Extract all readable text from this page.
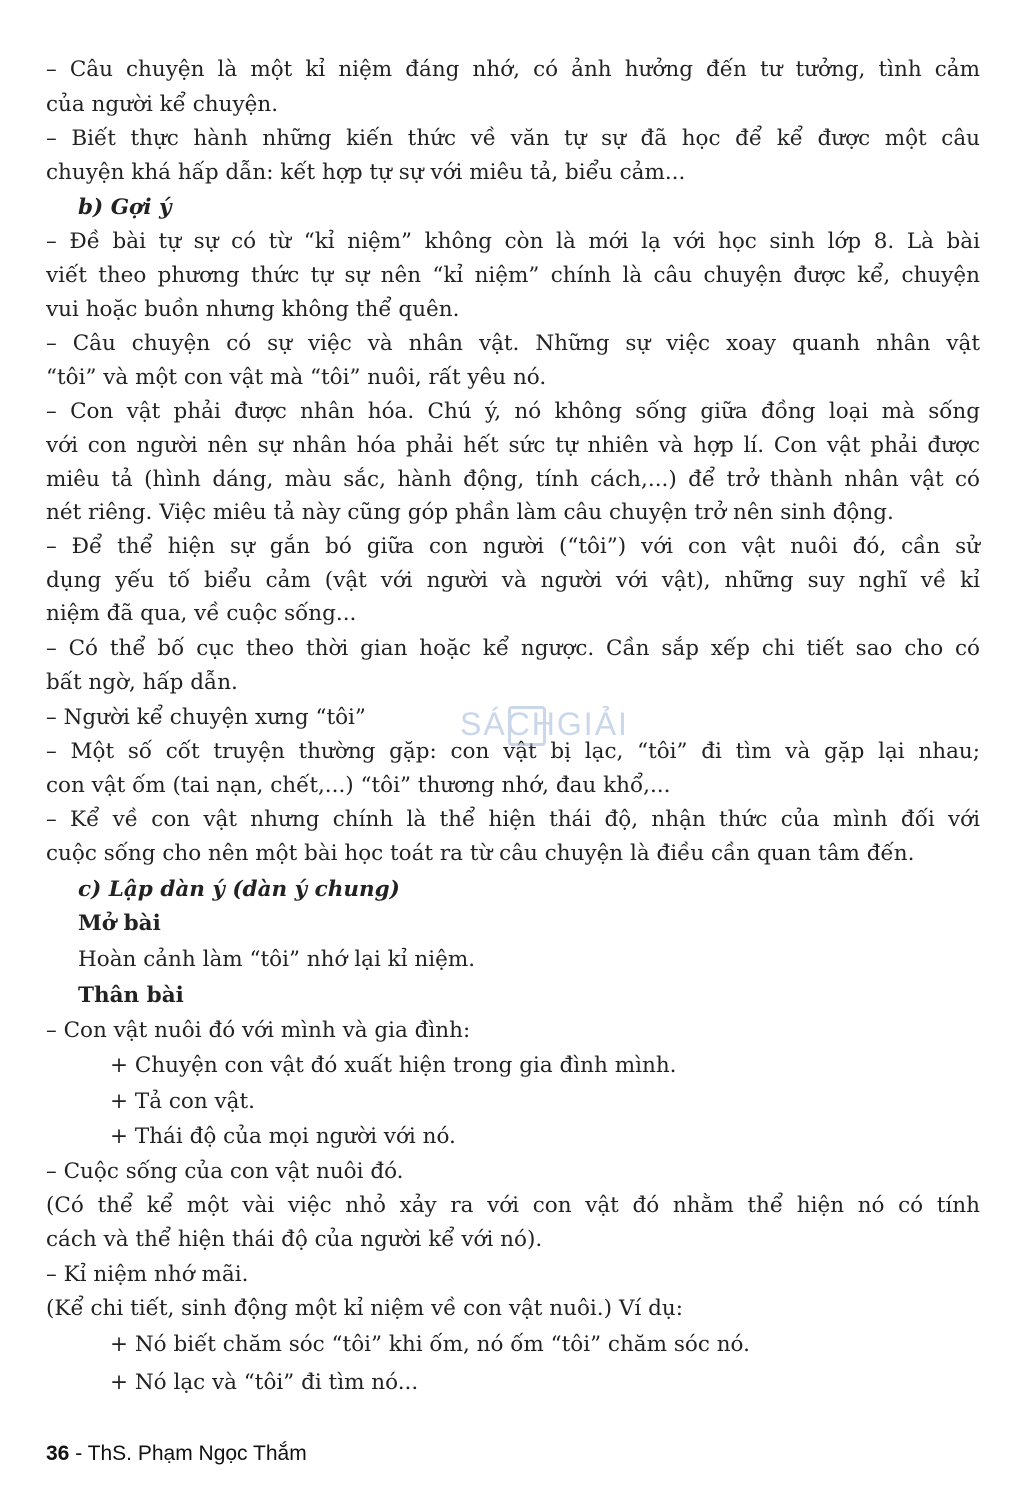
– Câu chuyện là một kỉ niệm đáng nhớ, có ảnh hưởng đến tư tưởng, tình cảm
của người kể chuyện.
– Biết thực hành những kiến thức về văn tự sự đã học để kể được một câu
chuyện khá hấp dẫn: kết hợp tự sự với miêu tả, biểu cảm...
b) Gợi ý
– Đề bài tự sự có từ “kỉ niệm” không còn là mới lạ với học sinh lớp 8. Là bài
viết theo phương thức tự sự nên “kỉ niệm” chính là câu chuyện được kể, chuyện
vui hoặc buồn nhưng không thể quên.
– Câu chuyện có sự việc và nhân vật. Những sự việc xoay quanh nhân vật
“tôi” và một con vật mà “tôi” nuôi, rất yêu nó.
– Con vật phải được nhân hóa. Chú ý, nó không sống giữa đồng loại mà sống
với con người nên sự nhân hóa phải hết sức tự nhiên và hợp lí. Con vật phải được
miêu tả (hình dáng, màu sắc, hành động, tính cách,...) để trở thành nhân vật có
nét riêng. Việc miêu tả này cũng góp phần làm câu chuyện trở nên sinh động.
– Để thể hiện sự gắn bó giữa con người (“tôi”) với con vật nuôi đó, cần sử
dụng yếu tố biểu cảm (vật với người và người với vật), những suy nghĩ về kỉ
niệm đã qua, về cuộc sống...
– Có thể bố cục theo thời gian hoặc kể ngược. Cần sắp xếp chi tiết sao cho có
bất ngờ, hấp dẫn.
– Người kể chuyện xưng “tôi”
– Một số cốt truyện thường gặp: con vật bị lạc, “tôi” đi tìm và gặp lại nhau;
con vật ốm (tai nạn, chết,...) “tôi” thương nhớ, đau khổ,...
– Kể về con vật nhưng chính là thể hiện thái độ, nhận thức của mình đối với
cuộc sống cho nên một bài học toát ra từ câu chuyện là điều cần quan tâm đến.
c) Lập dàn ý (dàn ý chung)
Mở bài
Hoàn cảnh làm “tôi” nhớ lại kỉ niệm.
Thân bài
– Con vật nuôi đó với mình và gia đình:
+ Chuyện con vật đó xuất hiện trong gia đình mình.
+ Tả con vật.
+ Thái độ của mọi người với nó.
– Cuộc sống của con vật nuôi đó.
(Có thể kể một vài việc nhỏ xảy ra với con vật đó nhằm thể hiện nó có tính
cách và thể hiện thái độ của người kể với nó).
– Kỉ niệm nhớ mãi.
(Kể chi tiết, sinh động một kỉ niệm về con vật nuôi.) Ví dụ:
+ Nó biết chăm sóc “tôi” khi ốm, nó ốm “tôi” chăm sóc nó.
+ Nó lạc và “tôi” đi tìm nó...
SÁCHGIẢI
36 - ThS. Phạm Ngọc Thắm
